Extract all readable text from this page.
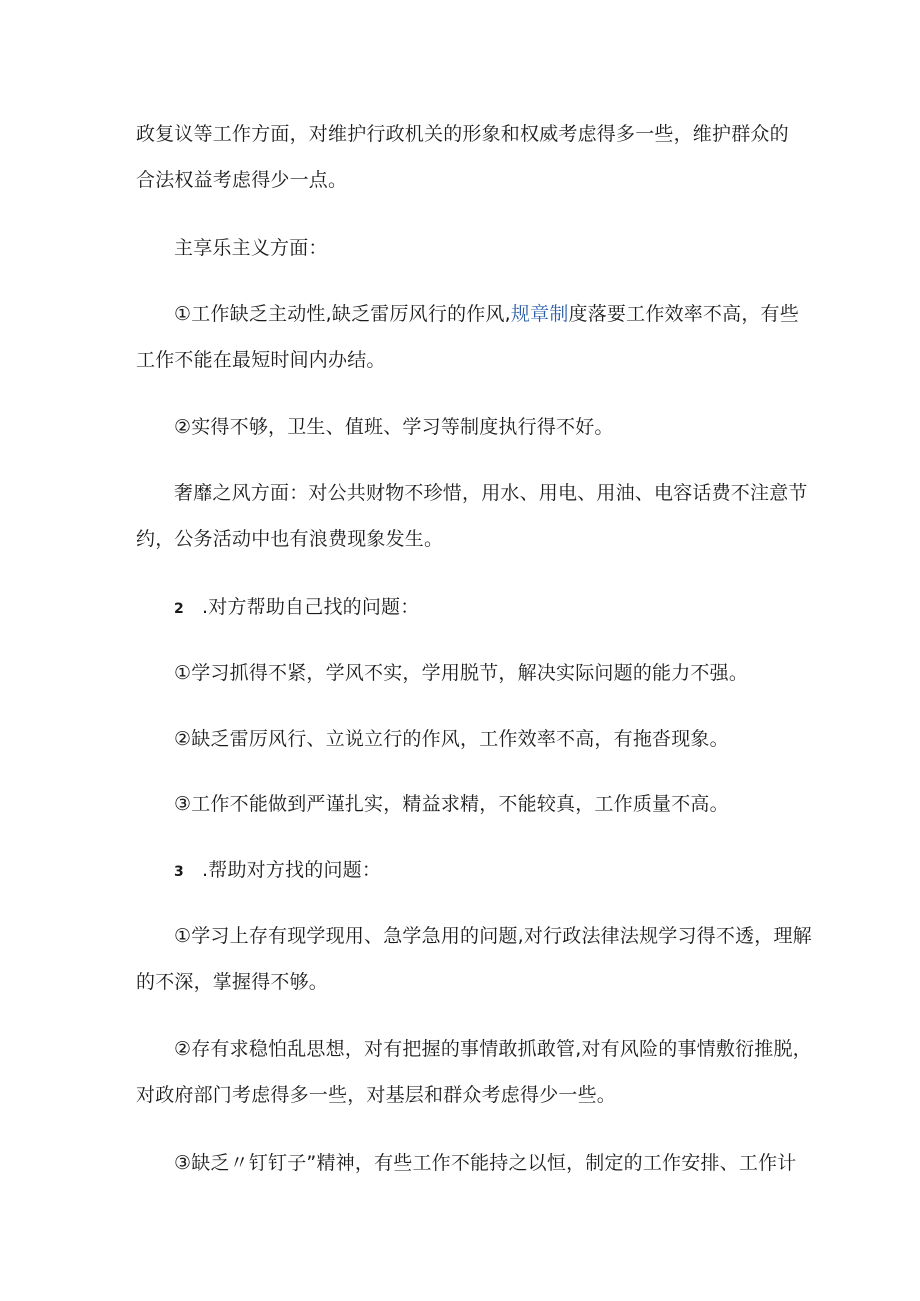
政复议等工作方面，对维护行政机关的形象和权威考虑得多一些，维护群众的
合法权益考虑得少一点。

主享乐主义方面：

①工作缺乏主动性,缺乏雷厉风行的作风,规章制度落要工作效率不高，有些
工作不能在最短时间内办结。

②实得不够，卫生、值班、学习等制度执行得不好。

奢靡之风方面：对公共财物不珍惜，用水、用电、用油、电容话费不注意节
约，公务活动中也有浪费现象发生。

2 .对方帮助自己找的问题：

①学习抓得不紧，学风不实，学用脱节，解决实际问题的能力不强。

②缺乏雷厉风行、立说立行的作风，工作效率不高，有拖沓现象。

③工作不能做到严谨扎实，精益求精，不能较真，工作质量不高。

3 .帮助对方找的问题：

①学习上存有现学现用、急学急用的问题,对行政法律法规学习得不透，理解
的不深，掌握得不够。

②存有求稳怕乱思想，对有把握的事情敢抓敢管,对有风险的事情敷衍推脱，
对政府部门考虑得多一些，对基层和群众考虑得少一些。

③缺乏〃钉钉子”精神，有些工作不能持之以恒，制定的工作安排、工作计
